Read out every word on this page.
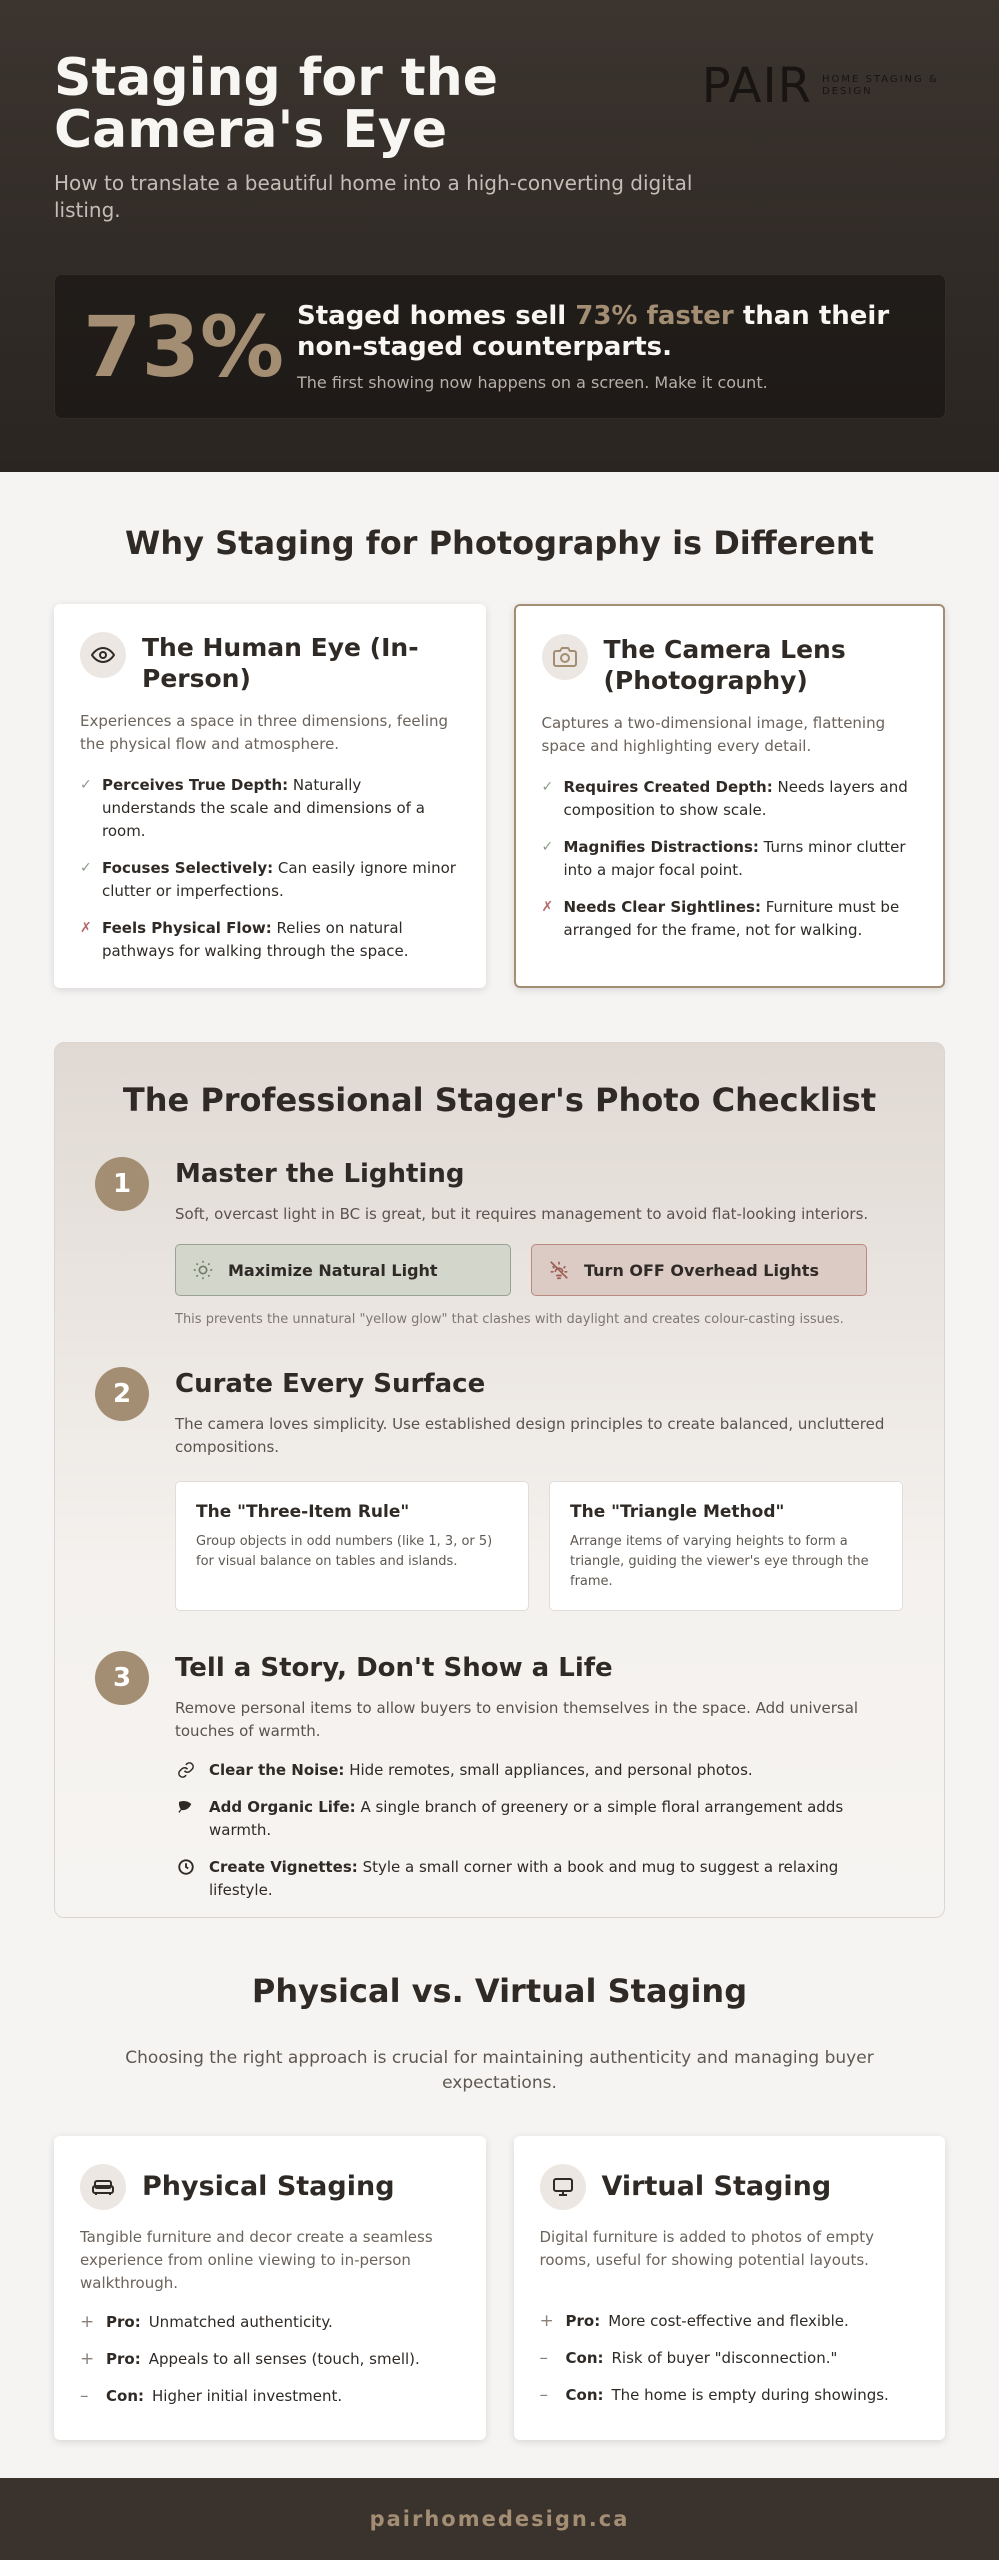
Staging for the Camera's Eye

How to translate a beautiful home into a high-converting digital listing.

PAIR HOME STAGING & DESIGN
73% Staged homes sell 73% faster than their non-staged counterparts.

The first showing now happens on a screen. Make it count.

Why Staging for Photography is Different
The Human Eye (In-Person)

Experiences a space in three dimensions, feeling the physical flow and atmosphere.

✓ Perceives True Depth: Naturally understands the scale and dimensions of a room.
✓ Focuses Selectively: Can easily ignore minor clutter or imperfections.
✗ Feels Physical Flow: Relies on natural pathways for walking through the space.
The Camera Lens (Photography)

Captures a two-dimensional image, flattening space and highlighting every detail.

✓ Requires Created Depth: Needs layers and composition to show scale.
✓ Magnifies Distractions: Turns minor clutter into a major focal point.
✗ Needs Clear Sightlines: Furniture must be arranged for the frame, not for walking.
The Professional Stager's Photo Checklist
1	Master the Lighting

Soft, overcast light in BC is great, but it requires management to avoid flat-looking interiors.

Maximize Natural Light	Turn OFF Overhead Lights

This prevents the unnatural "yellow glow" that clashes with daylight and creates colour-casting issues.

2	Curate Every Surface

The camera loves simplicity. Use established design principles to create balanced, uncluttered compositions.

The "Three-Item Rule"

Group objects in odd numbers (like 1, 3, or 5) for visual balance on tables and islands.

The "Triangle Method"

Arrange items of varying heights to form a triangle, guiding the viewer's eye through the frame.

3	Tell a Story, Don't Show a Life

Remove personal items to allow buyers to envision themselves in the space. Add universal touches of warmth.

Clear the Noise: Hide remotes, small appliances, and personal photos.
Add Organic Life: A single branch of greenery or a simple floral arrangement adds warmth.
Create Vignettes: Style a small corner with a book and mug to suggest a relaxing lifestyle.
Physical vs. Virtual Staging

Choosing the right approach is crucial for maintaining authenticity and managing buyer expectations.

Physical Staging

Tangible furniture and decor create a seamless experience from online viewing to in-person walkthrough.

+ Pro: Unmatched authenticity.
+ Pro: Appeals to all senses (touch, smell).
–	Con: Higher initial investment.
Virtual Staging

Digital furniture is added to photos of empty rooms, useful for showing potential layouts.

+ Pro: More cost-effective and flexible.
–	Con: Risk of buyer "disconnection."
–	Con: The home is empty during showings.
pairhomedesign.ca
